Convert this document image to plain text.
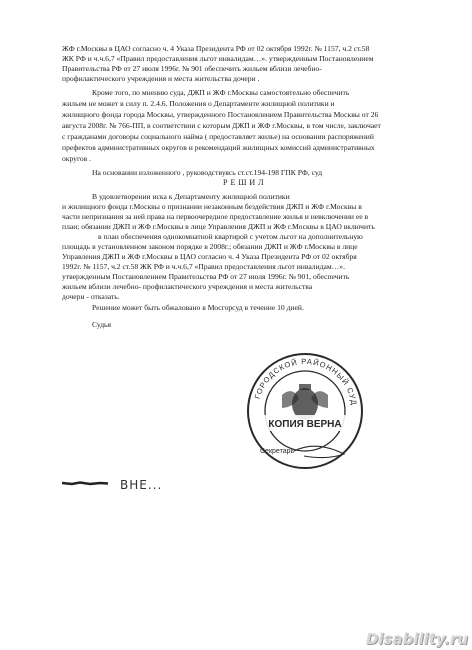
ЖФ г.Москвы в ЦАО согласно ч. 4 Указа Президента РФ от 02 октября 1992г. № 1157, ч.2 ст.58
ЖК РФ и ч.ч.6,7 «Правил предоставления льгот инвалидам…». утвержденным Постановлением
Правительства РФ от 27 июля 1996г. № 901 обеспечить жильем вблизи лечебно-
профилактического учреждения и места жительства дочери .
Кроме того, по мнению суда, ДЖП и ЖФ г.Москвы самостоятельно обеспечить
жильем не может в силу п. 2.4.6. Положения о Департаменте жилищной политики и
жилищного фонда города Москвы, утвержденного Постановлением Правительства Москвы от 26
августа 2008г. № 766-ПП, в соответствии с которым ДЖП и ЖФ г.Москвы, в том числе, заключает
с гражданами договоры социального найма ( предоставляет жилье) на основании распоряжений
префектов административных округов и рекомендаций жилищных комиссий административных
округов .
На основании изложенного , руководствуясь ст.ст.194-198 ГПК РФ, суд
РЕШИЛ
В удовлетворении иска к Департаменту жилищной политики
и жилищного фонда г.Москвы о признании незаконным бездействия ДЖП и ЖФ г.Москвы в
части непризнания за ней права на первоочередное предоставление жилья и невключении ее в
план; обязании ДЖП и ЖФ г.Москвы в лице Управления ДЖП и ЖФ г.Москвы в ЦАО включить
в план обеспечения однокомнатной квартирой с учетом льгот на дополнительную
площадь в установленном законом порядке в 2008г.; обязании ДЖП и ЖФ г.Москвы в лице
Управления ДЖП и ЖФ г.Москвы в ЦАО согласно ч. 4 Указа Президента РФ от 02 октября
1992г. № 1157, ч.2 ст.58 ЖК РФ и ч.ч.6,7 «Правил предоставления льгот инвалидам…».
утвержденным Постановлением Правительства РФ от 27 июля 1996г. № 901, обеспечить
жильем вблизи лечебно- профилактического учреждения и места жительства
дочери - отказать.
Решение может быть обжаловано в Мосгорсуд в течение 10 дней.
Судья
ВНЕ...
ГОРОДСКОЙ РАЙОННЫЙ СУД
КОПИЯ ВЕРНА
Секретарь
Disability.ru
